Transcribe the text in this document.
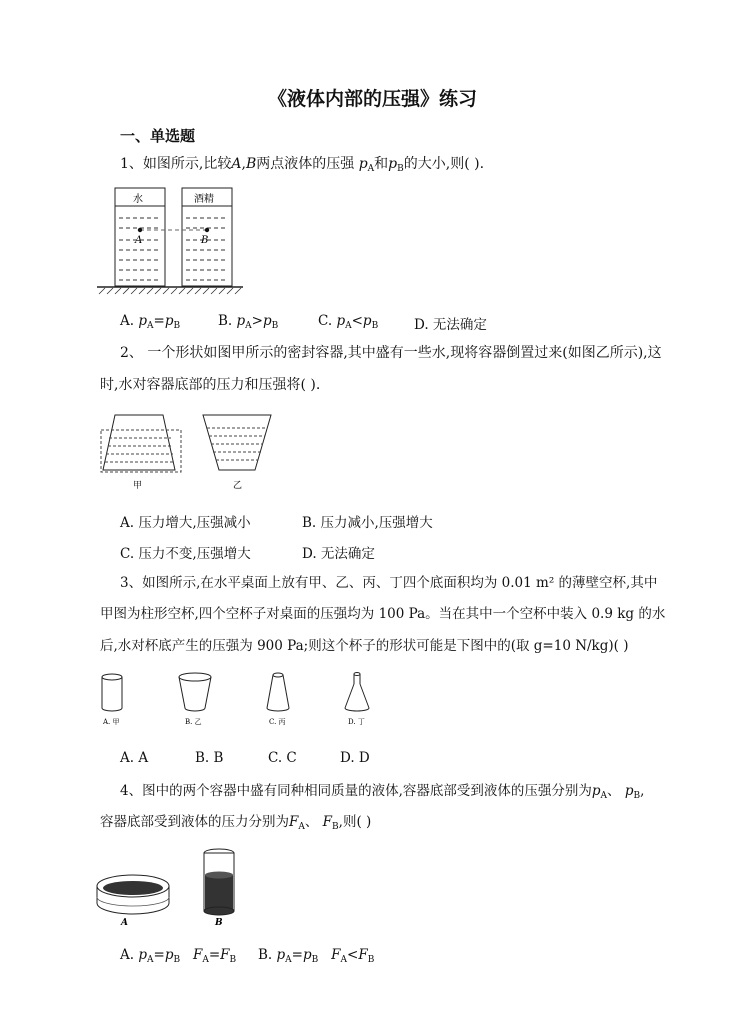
《液体内部的压强》练习
一、单选题
1、如图所示,比较A,B两点液体的压强 $p_A$和$p_B$的大小,则( ).
水	酒精
A	B
A. $p_A=p_B$	B. $p_A>p_B$	C. $p_A<p_B$	D. 无法确定
2、 一个形状如图甲所示的密封容器,其中盛有一些水,现将容器倒置过来(如图乙所示),这
时,水对容器底部的压力和压强将( ).
甲	乙
A. 压力增大,压强减小	B. 压力减小,压强增大
C. 压力不变,压强增大	D. 无法确定
3、如图所示,在水平桌面上放有甲、乙、丙、丁四个底面积均为 0.01 m² 的薄壁空杯,其中
甲图为柱形空杯,四个空杯子对桌面的压强均为 100 Pa。当在其中一个空杯中装入 0.9 kg 的水
后,水对杯底产生的压强为 900 Pa;则这个杯子的形状可能是下图中的(取 g=10 N/kg)( )
A. 甲	B. 乙	C. 丙	D. 丁
A. A	B. B	C. C	D. D
4、图中的两个容器中盛有同种相同质量的液体,容器底部受到液体的压强分别为$p_A$、 $p_B$,
容器底部受到液体的压力分别为$F_A$、 $F_B$,则( )
A	B
A. $p_A=p_B$ $F_A=F_B$ B. $p_A=p_B$ $F_A<F_B$
